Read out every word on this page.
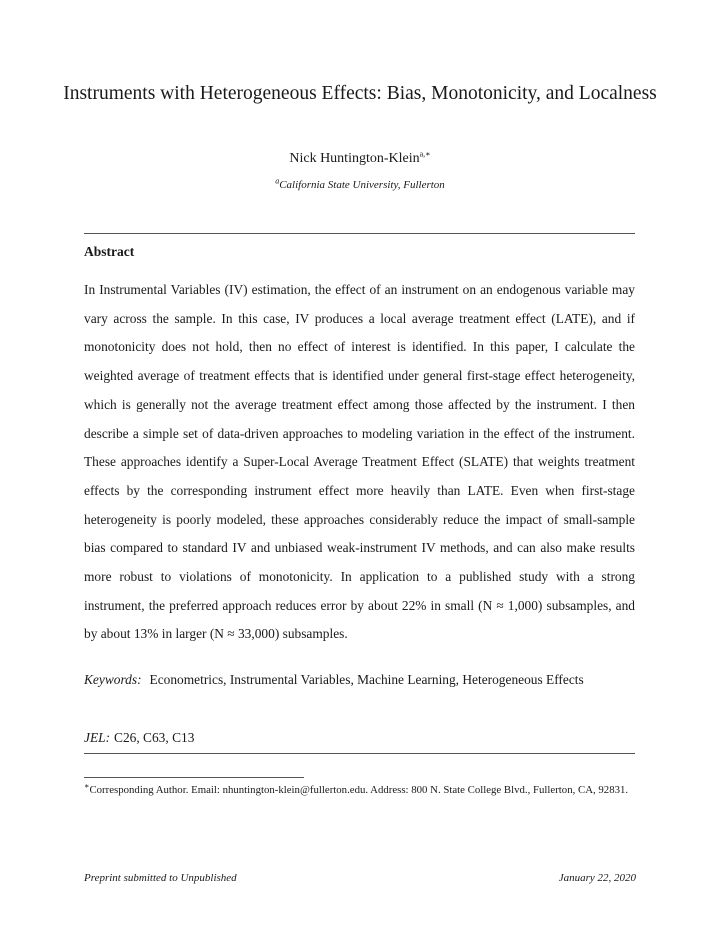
Instruments with Heterogeneous Effects: Bias, Monotonicity, and Localness
Nick Huntington-Klein$^{a,∗}$
$^a$California State University, Fullerton
Abstract
In Instrumental Variables (IV) estimation, the effect of an instrument on an endogenous variable may vary across the sample. In this case, IV produces a local average treatment effect (LATE), and if monotonicity does not hold, then no effect of interest is identified. In this paper, I calculate the weighted average of treatment effects that is identified under general first-stage effect heterogeneity, which is generally not the average treatment effect among those affected by the instrument. I then describe a simple set of data-driven approaches to modeling variation in the effect of the instrument. These approaches identify a Super-Local Average Treatment Effect (SLATE) that weights treatment effects by the corresponding instrument effect more heavily than LATE. Even when first-stage heterogeneity is poorly modeled, these approaches considerably reduce the impact of small-sample bias compared to standard IV and unbiased weak-instrument IV methods, and can also make results more robust to violations of monotonicity. In application to a published study with a strong instrument, the preferred approach reduces error by about 22% in small (N ≈ 1,000) subsamples, and by about 13% in larger (N ≈ 33,000) subsamples.
Keywords: Econometrics, Instrumental Variables, Machine Learning, Heterogeneous Effects
JEL: C26, C63, C13
∗Corresponding Author. Email: nhuntington-klein@fullerton.edu. Address: 800 N. State College Blvd., Fullerton, CA, 92831.
Preprint submitted to Unpublished	January 22, 2020
